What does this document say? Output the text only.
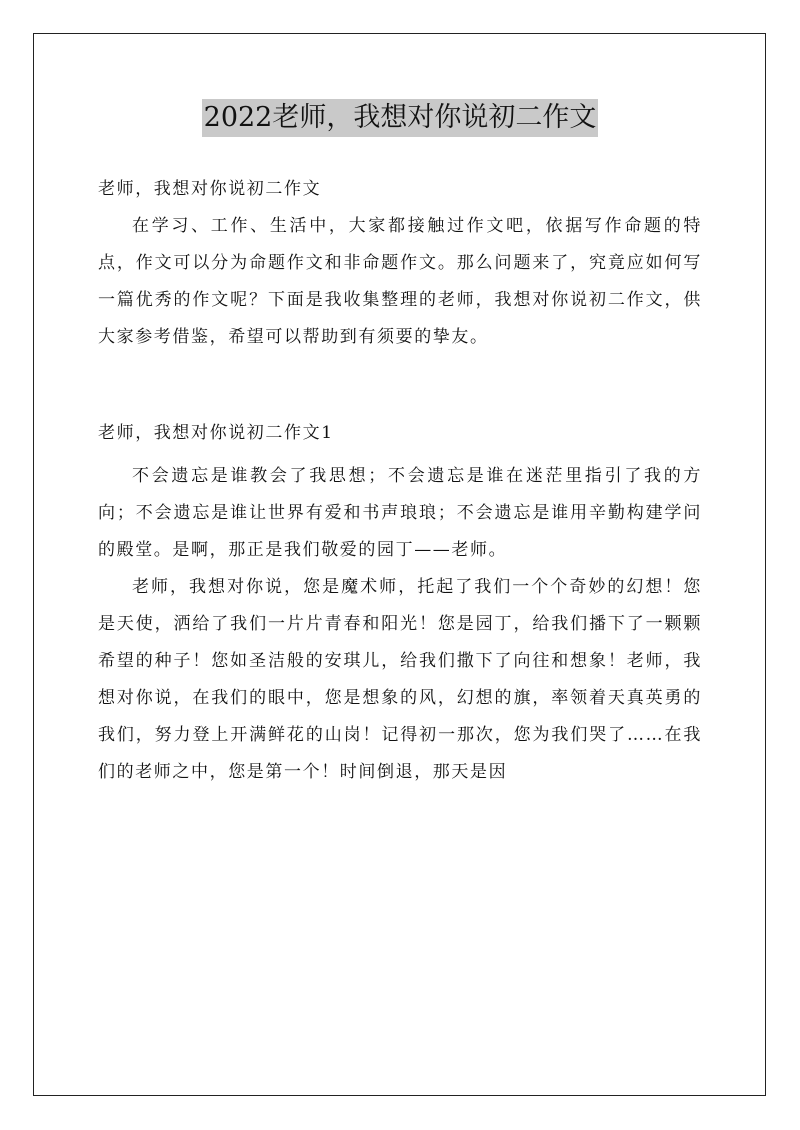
2022老师，我想对你说初二作文

老师，我想对你说初二作文

在学习、工作、生活中，大家都接触过作文吧，依据写作命题的特点，作文可以分为命题作文和非命题作文。那么问题来了，究竟应如何写一篇优秀的作文呢？下面是我收集整理的老师，我想对你说初二作文，供大家参考借鉴，希望可以帮助到有须要的挚友。

老师，我想对你说初二作文1

不会遗忘是谁教会了我思想；不会遗忘是谁在迷茫里指引了我的方向；不会遗忘是谁让世界有爱和书声琅琅；不会遗忘是谁用辛勤构建学问的殿堂。是啊，那正是我们敬爱的园丁——老师。

老师，我想对你说，您是魔术师，托起了我们一个个奇妙的幻想！您是天使，洒给了我们一片片青春和阳光！您是园丁，给我们播下了一颗颗希望的种子！您如圣洁般的安琪儿，给我们撒下了向往和想象！老师，我想对你说，在我们的眼中，您是想象的风，幻想的旗，率领着天真英勇的我们，努力登上开满鲜花的山岗！记得初一那次，您为我们哭了……在我们的老师之中，您是第一个！时间倒退，那天是因
